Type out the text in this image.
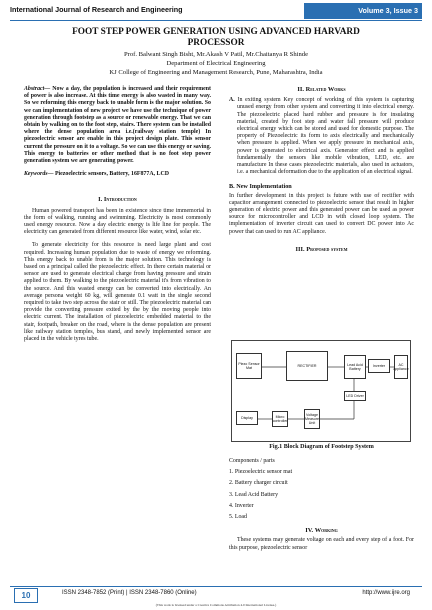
International Journal of Research and Engineering	Volume 3, Issue 3
FOOT STEP POWER GENERATION USING ADVANCED HARVARD
PROCESSOR
Prof. Balwant Singh Bisht, Mr.Akash V Patil, Mr.Chaitanya R Shinde
Department of Electrical Engineering
KJ College of Engineering and Management Research, Pune, Maharashtra, India

Abstract— Now a day, the population is increased and their requirement of power is also increase. At this time energy is also wasted in many way. So we reforming this energy back to unable form is the major solution. So we can implementation of new project we have use the technique of power generation through footstep as a source or renewable energy. That we can obtain by walking on to the foot step, stairs. There system can be installed where the dense population area i.e.(railway station temple) In piezoelectric sensor are enable in this project design plate. This sensor current the pressure on it to a voltage. So we can use this energy or saving. This energy to batteries or other method that is no foot step power generation system we are generating power.

Keywords— Piezoelectric sensors, Battery, 16F877A, LCD

I. Introduction

Human powered transport has been in existence since time immemorial in the form of walking, running and swimming. Electricity is most commonly used energy resource. Now a day electric energy is life line for people. The electricity can generated from different resource like water, wind, solar etc.

To generate electricity for this resource is need large plant and cost required. Increasing human population due to waste of energy we reforming. This energy back to unable from is the major solution. This technology is based on a principal called the piezoelectric effect. In there certain material or sensor are used to generate electrical charge from having pressure and strain applied to them. By walking to the piezoelectric material it's from vibration to the source. And this wasted energy can be converted into electrically. An average persona weight 60 kg, will generate 0.1 watt in the single second required to take two step across the stair or still. The piezoelectric material can provide the converting pressure exited by the by the moving people into electric current. The installation of piezoelectric embedded material to the stair, footpath, breaker on the road, where is the dense population are present like railway station temples, bus stand, and newly implemented sensor are placed in the vehicle tyres tube.

II. Related Works

A. In exiting system Key concept of working of this system is capturing unused energy from other system and converting it into electrical energy. The piezoelectric placed hard rubber and pressure is for insulating material, created by foot step and water fall pressure will produce electrical energy which can be stored and used for domestic purpose. The property of Piezoelectric its form to axis electrically and mechanically when pressure is applied. When we apply pressure in mechanical axis, power is generated to electrical axis. Generator effect and is applied fundamentally the sensors like mobile vibration, LED, etc. are manufacture In these cases piezoelectric materials, also used in actuators, i.e. a mechanical deformation due to the application of an electrical signal.

B. New Implementation

In further development in this project is future with use of rectifier with capacitor arrangement connected to piezoelectric sensor that result in higher generation of electric power and this generated power can be used as power source for microcontroller and LCD in with closed loop system. The implementation of inverter circuit can used to convert DC power into Ac power that can used to run AC appliance.

III. Proposed system

Piezo Sensor Mat	RECTIFIER	Lead Acid Battery
Inverter	AC appliance
LED Driver
Display	Micro controller
Voltage Measure Unit
Fig.1 Block Diagram of Footstep System

Components / parts

1. Piezoelectric sensor mat

2. Battery charger circuit

3. Lead Acid Battery

4. Inverter

5. Load

IV. Working

These systems may generate voltage on each and every step of a foot. For this purpose, piezoelectric sensor

10	ISSN 2348-7852 (Print) | ISSN 2348-7860 (Online)	http://www.ijre.org
(This work is licensed under a Creative Commons Attribution 4.0 International License.)
